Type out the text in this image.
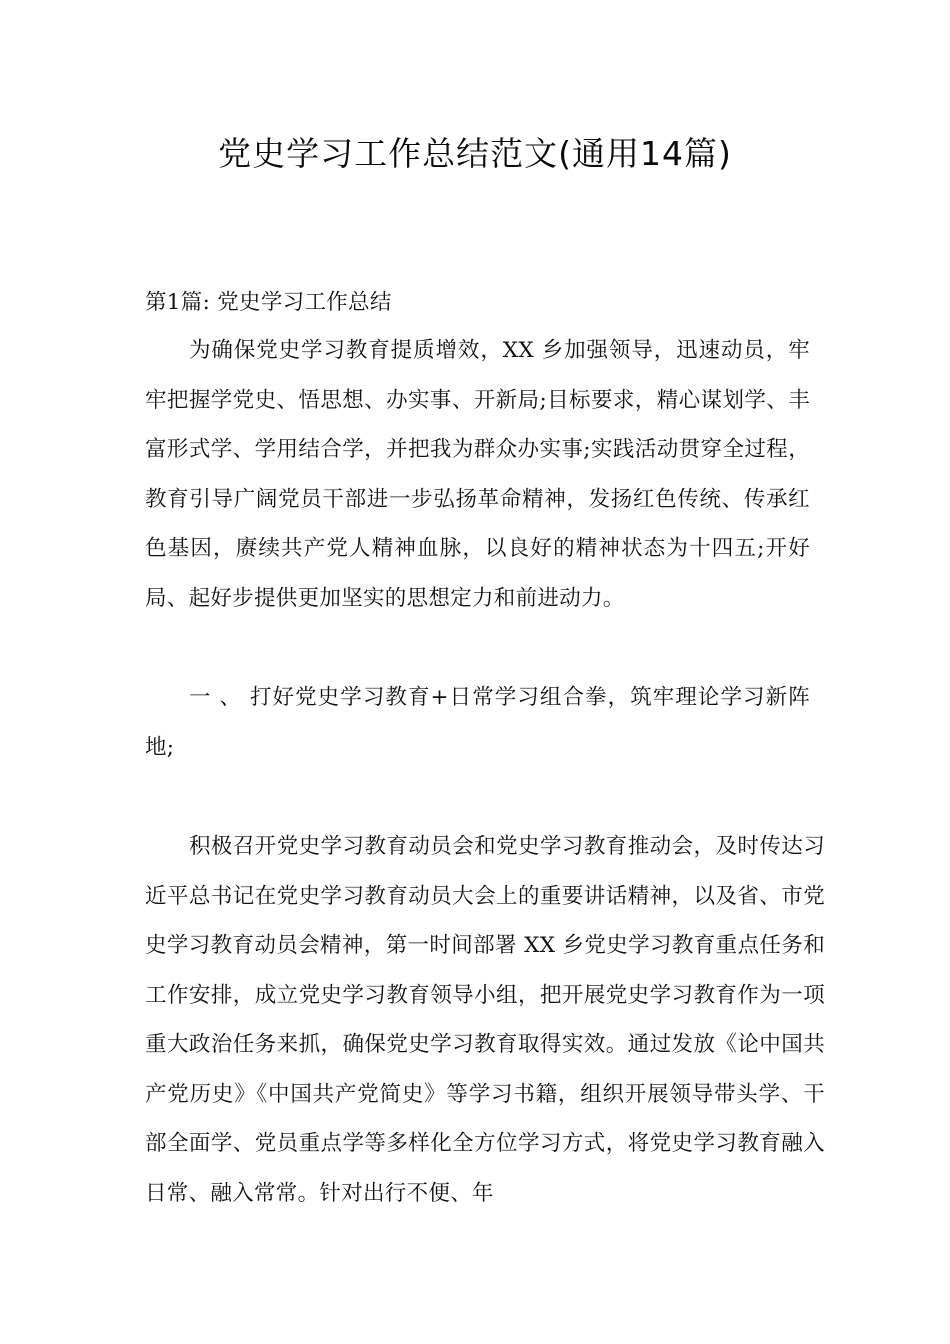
党史学习工作总结范文(通用14篇)

第1篇: 党史学习工作总结

为确保党史学习教育提质增效，XX 乡加强领导，迅速动员，牢牢把握学党史、悟思想、办实事、开新局;目标要求，精心谋划学、丰富形式学、学用结合学，并把我为群众办实事;实践活动贯穿全过程，教育引导广阔党员干部进一步弘扬革命精神，发扬红色传统、传承红色基因，赓续共产党人精神血脉，以良好的精神状态为十四五;开好局、起好步提供更加坚实的思想定力和前进动力。

一 、 打好党史学习教育+日常学习组合拳，筑牢理论学习新阵地;

积极召开党史学习教育动员会和党史学习教育推动会，及时传达习近平总书记在党史学习教育动员大会上的重要讲话精神，以及省、市党史学习教育动员会精神，第一时间部署 XX 乡党史学习教育重点任务和工作安排，成立党史学习教育领导小组，把开展党史学习教育作为一项重大政治任务来抓，确保党史学习教育取得实效。通过发放《论中国共产党历史》《中国共产党简史》等学习书籍，组织开展领导带头学、干部全面学、党员重点学等多样化全方位学习方式，将党史学习教育融入日常、融入常常。针对出行不便、年
